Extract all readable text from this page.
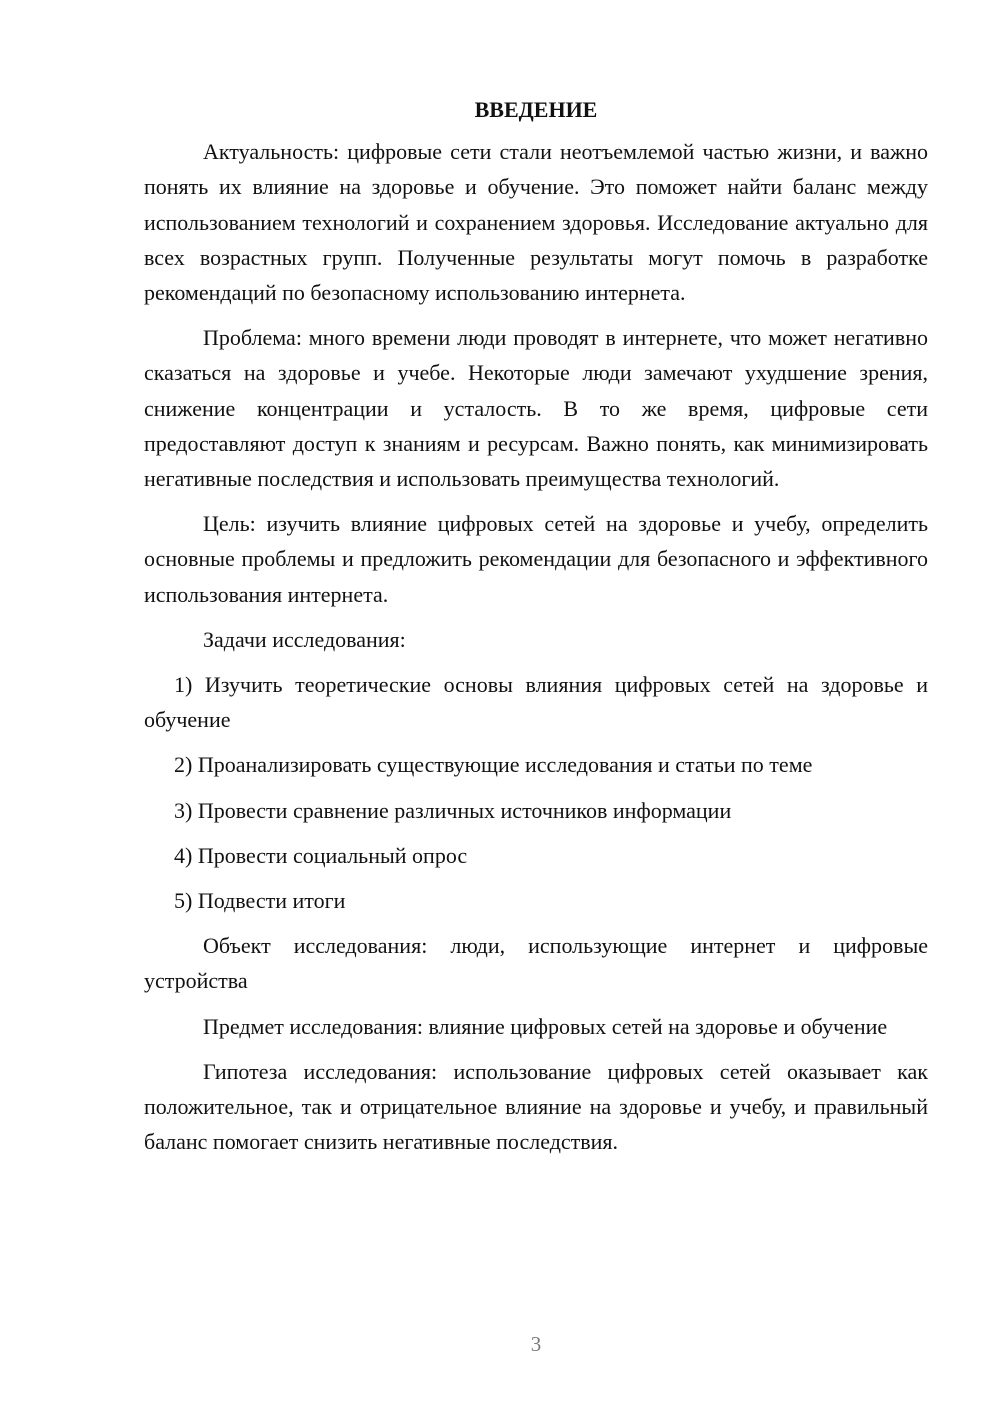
ВВЕДЕНИЕ

Актуальность: цифровые сети стали неотъемлемой частью жизни, и важно понять их влияние на здоровье и обучение. Это поможет найти баланс между использованием технологий и сохранением здоровья. Исследование актуально для всех возрастных групп. Полученные результаты могут помочь в разработке рекомендаций по безопасному использованию интернета.

Проблема: много времени люди проводят в интернете, что может негативно сказаться на здоровье и учебе. Некоторые люди замечают ухудшение зрения, снижение концентрации и усталость. В то же время, цифровые сети предоставляют доступ к знаниям и ресурсам. Важно понять, как минимизировать негативные последствия и использовать преимущества технологий.

Цель: изучить влияние цифровых сетей на здоровье и учебу, определить основные проблемы и предложить рекомендации для безопасного и эффективного использования интернета.

Задачи исследования:

1) Изучить теоретические основы влияния цифровых сетей на здоровье и обучение

2) Проанализировать существующие исследования и статьи по теме

3) Провести сравнение различных источников информации

4) Провести социальный опрос

5) Подвести итоги

Объект исследования: люди, использующие интернет и цифровые устройства

Предмет исследования: влияние цифровых сетей на здоровье и обучение

Гипотеза исследования: использование цифровых сетей оказывает как положительное, так и отрицательное влияние на здоровье и учебу, и правильный баланс помогает снизить негативные последствия.

3
